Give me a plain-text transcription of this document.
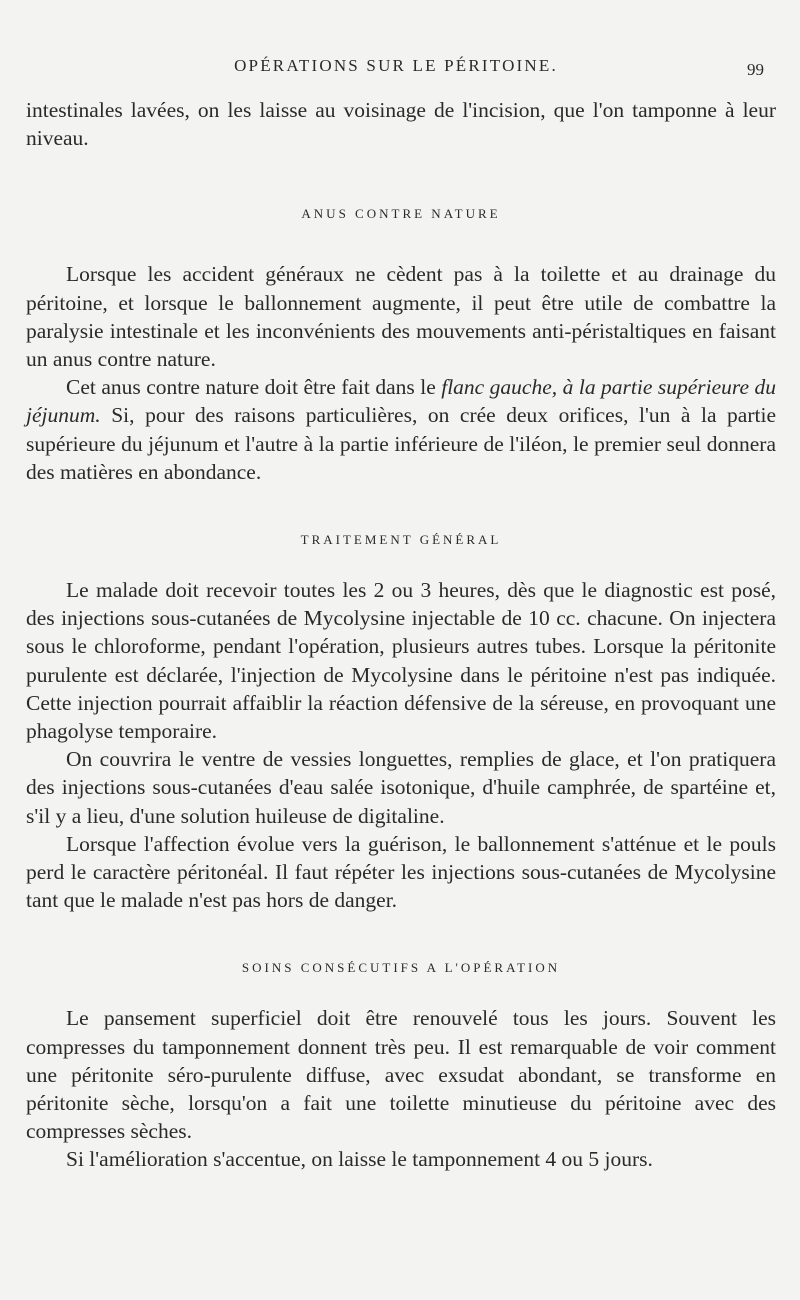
OPÉRATIONS SUR LE PÉRITOINE.	99

intestinales lavées, on les laisse au voisinage de l'incision, que l'on tamponne à leur niveau.

ANUS CONTRE NATURE

Lorsque les accident généraux ne cèdent pas à la toilette et au drainage du péritoine, et lorsque le ballonnement augmente, il peut être utile de combattre la paralysie intestinale et les inconvénients des mouvements anti-péristaltiques en faisant un anus contre nature.

Cet anus contre nature doit être fait dans le flanc gauche, à la partie supérieure du jéjunum. Si, pour des raisons particulières, on crée deux orifices, l'un à la partie supérieure du jéjunum et l'autre à la partie inférieure de l'iléon, le premier seul donnera des matières en abondance.

TRAITEMENT GÉNÉRAL

Le malade doit recevoir toutes les 2 ou 3 heures, dès que le diagnostic est posé, des injections sous-cutanées de Mycolysine injectable de 10 cc. chacune. On injectera sous le chloroforme, pendant l'opération, plusieurs autres tubes. Lorsque la péritonite purulente est déclarée, l'injection de Mycolysine dans le péritoine n'est pas indiquée. Cette injection pourrait affaiblir la réaction défensive de la séreuse, en provoquant une phagolyse temporaire.

On couvrira le ventre de vessies longuettes, remplies de glace, et l'on pratiquera des injections sous-cutanées d'eau salée isotonique, d'huile camphrée, de spartéine et, s'il y a lieu, d'une solution huileuse de digitaline.

Lorsque l'affection évolue vers la guérison, le ballonnement s'atténue et le pouls perd le caractère péritonéal. Il faut répéter les injections sous-cutanées de Mycolysine tant que le malade n'est pas hors de danger.

SOINS CONSÉCUTIFS A L'OPÉRATION

Le pansement superficiel doit être renouvelé tous les jours. Souvent les compresses du tamponnement donnent très peu. Il est remarquable de voir comment une péritonite séro-purulente diffuse, avec exsudat abondant, se transforme en péritonite sèche, lorsqu'on a fait une toilette minutieuse du péritoine avec des compresses sèches.

Si l'amélioration s'accentue, on laisse le tamponnement 4 ou 5 jours.
